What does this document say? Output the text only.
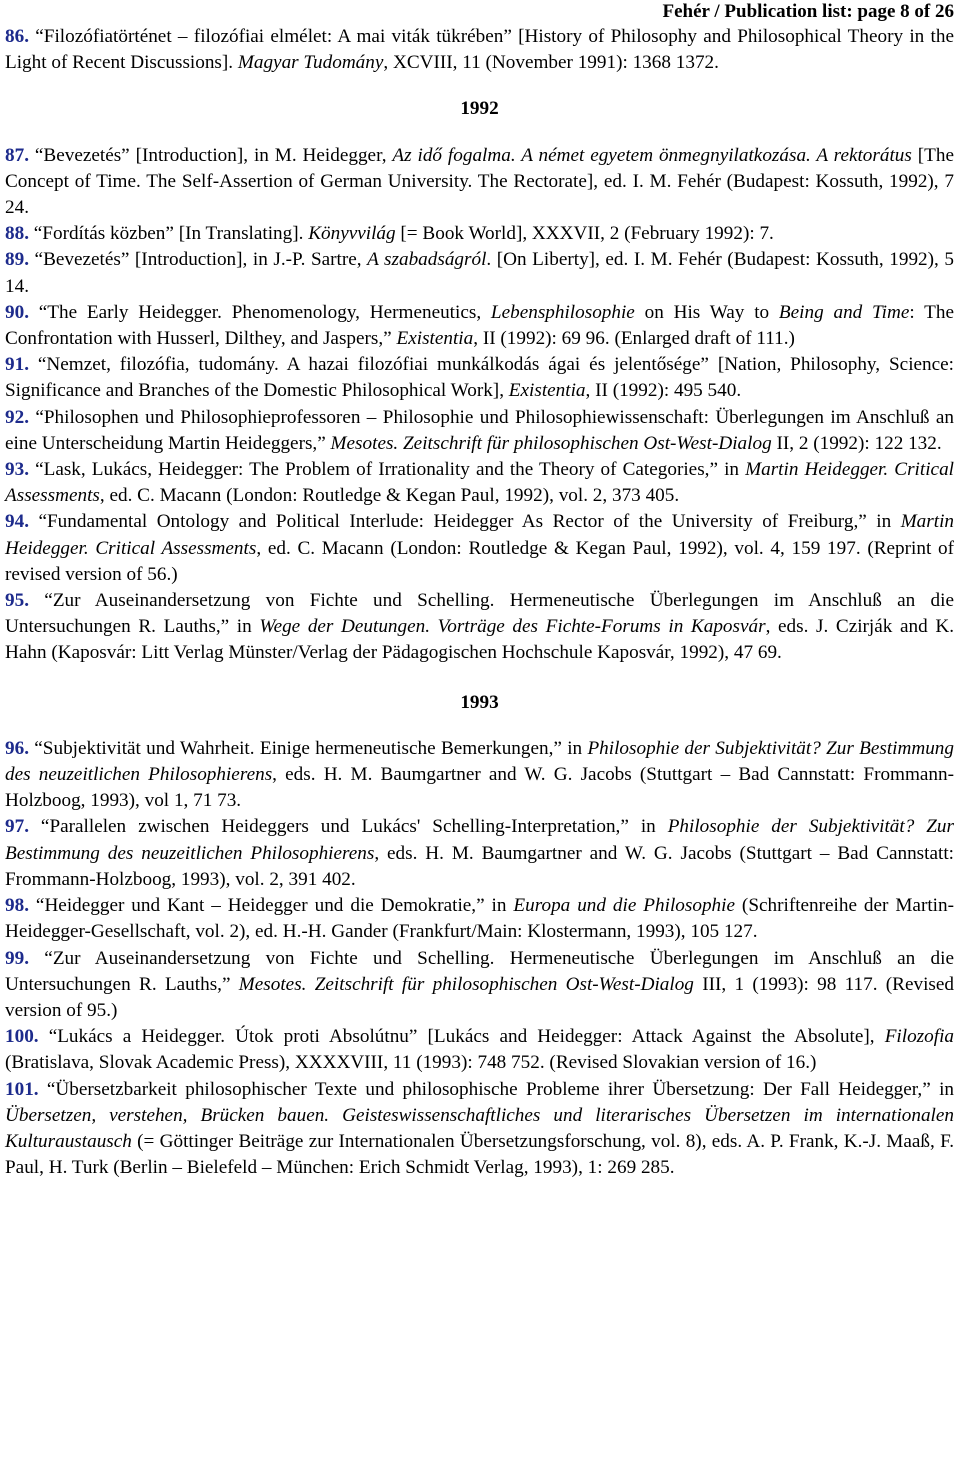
Fehér / Publication list: page 8 of 26

86. “Filozófiatörténet – filozófiai elmélet: A mai viták tükrében” [History of Philosophy and Philosophical Theory in the Light of Recent Discussions]. Magyar Tudomány, XCVIII, 11 (November 1991): 1368 1372.

1992

87. “Bevezetés” [Introduction], in M. Heidegger, Az idő fogalma. A német egyetem önmegnyilatkozása. A rektorátus [The Concept of Time. The Self-Assertion of German University. The Rectorate], ed. I. M. Fehér (Budapest: Kossuth, 1992), 7 24.

88. “Fordítás közben” [In Translating]. Könyvvilág [= Book World], XXXVII, 2 (February 1992): 7.

89. “Bevezetés” [Introduction], in J.-P. Sartre, A szabadságról. [On Liberty], ed. I. M. Fehér (Budapest: Kossuth, 1992), 5 14.

90. “The Early Heidegger. Phenomenology, Hermeneutics, Lebensphilosophie on His Way to Being and Time: The Confrontation with Husserl, Dilthey, and Jaspers,” Existentia, II (1992): 69 96. (Enlarged draft of 111.)

91. “Nemzet, filozófia, tudomány. A hazai filozófiai munkálkodás ágai és jelentősége” [Nation, Philosophy, Science: Significance and Branches of the Domestic Philosophical Work], Existentia, II (1992): 495 540.

92. “Philosophen und Philosophieprofessoren – Philosophie und Philosophiewissenschaft: Überlegungen im Anschluß an eine Unterscheidung Martin Heideggers,” Mesotes. Zeitschrift für philosophischen Ost-West-Dialog II, 2 (1992): 122 132.

93. “Lask, Lukács, Heidegger: The Problem of Irrationality and the Theory of Categories,” in Martin Heidegger. Critical Assessments, ed. C. Macann (London: Routledge & Kegan Paul, 1992), vol. 2, 373 405.

94. “Fundamental Ontology and Political Interlude: Heidegger As Rector of the University of Freiburg,” in Martin Heidegger. Critical Assessments, ed. C. Macann (London: Routledge & Kegan Paul, 1992), vol. 4, 159 197. (Reprint of revised version of 56.)

95. “Zur Auseinandersetzung von Fichte und Schelling. Hermeneutische Überlegungen im Anschluß an die Untersuchungen R. Lauths,” in Wege der Deutungen. Vorträge des Fichte-Forums in Kaposvár, eds. J. Czirják and K. Hahn (Kaposvár: Litt Verlag Münster/Verlag der Pädagogischen Hochschule Kaposvár, 1992), 47 69.

1993

96. “Subjektivität und Wahrheit. Einige hermeneutische Bemerkungen,” in Philosophie der Subjektivität? Zur Bestimmung des neuzeitlichen Philosophierens, eds. H. M. Baumgartner and W. G. Jacobs (Stuttgart – Bad Cannstatt: Frommann-Holzboog, 1993), vol 1, 71 73.

97. “Parallelen zwischen Heideggers und Lukács' Schelling-Interpretation,” in Philosophie der Subjektivität? Zur Bestimmung des neuzeitlichen Philosophierens, eds. H. M. Baumgartner and W. G. Jacobs (Stuttgart – Bad Cannstatt: Frommann-Holzboog, 1993), vol. 2, 391 402.

98. “Heidegger und Kant – Heidegger und die Demokratie,” in Europa und die Philosophie (Schriftenreihe der Martin-Heidegger-Gesellschaft, vol. 2), ed. H.-H. Gander (Frankfurt/Main: Klostermann, 1993), 105 127.

99. “Zur Auseinandersetzung von Fichte und Schelling. Hermeneutische Überlegungen im Anschluß an die Untersuchungen R. Lauths,” Mesotes. Zeitschrift für philosophischen Ost-West-Dialog III, 1 (1993): 98 117. (Revised version of 95.)

100. “Lukács a Heidegger. Útok proti Absolútnu” [Lukács and Heidegger: Attack Against the Absolute], Filozofia (Bratislava, Slovak Academic Press), XXXXVIII, 11 (1993): 748 752. (Revised Slovakian version of 16.)

101. “Übersetzbarkeit philosophischer Texte und philosophische Probleme ihrer Übersetzung: Der Fall Heidegger,” in Übersetzen, verstehen, Brücken bauen. Geisteswissenschaftliches und literarisches Übersetzen im internationalen Kulturaustausch (= Göttinger Beiträge zur Internationalen Übersetzungsforschung, vol. 8), eds. A. P. Frank, K.-J. Maaß, F. Paul, H. Turk (Berlin – Bielefeld – München: Erich Schmidt Verlag, 1993), 1: 269 285.
